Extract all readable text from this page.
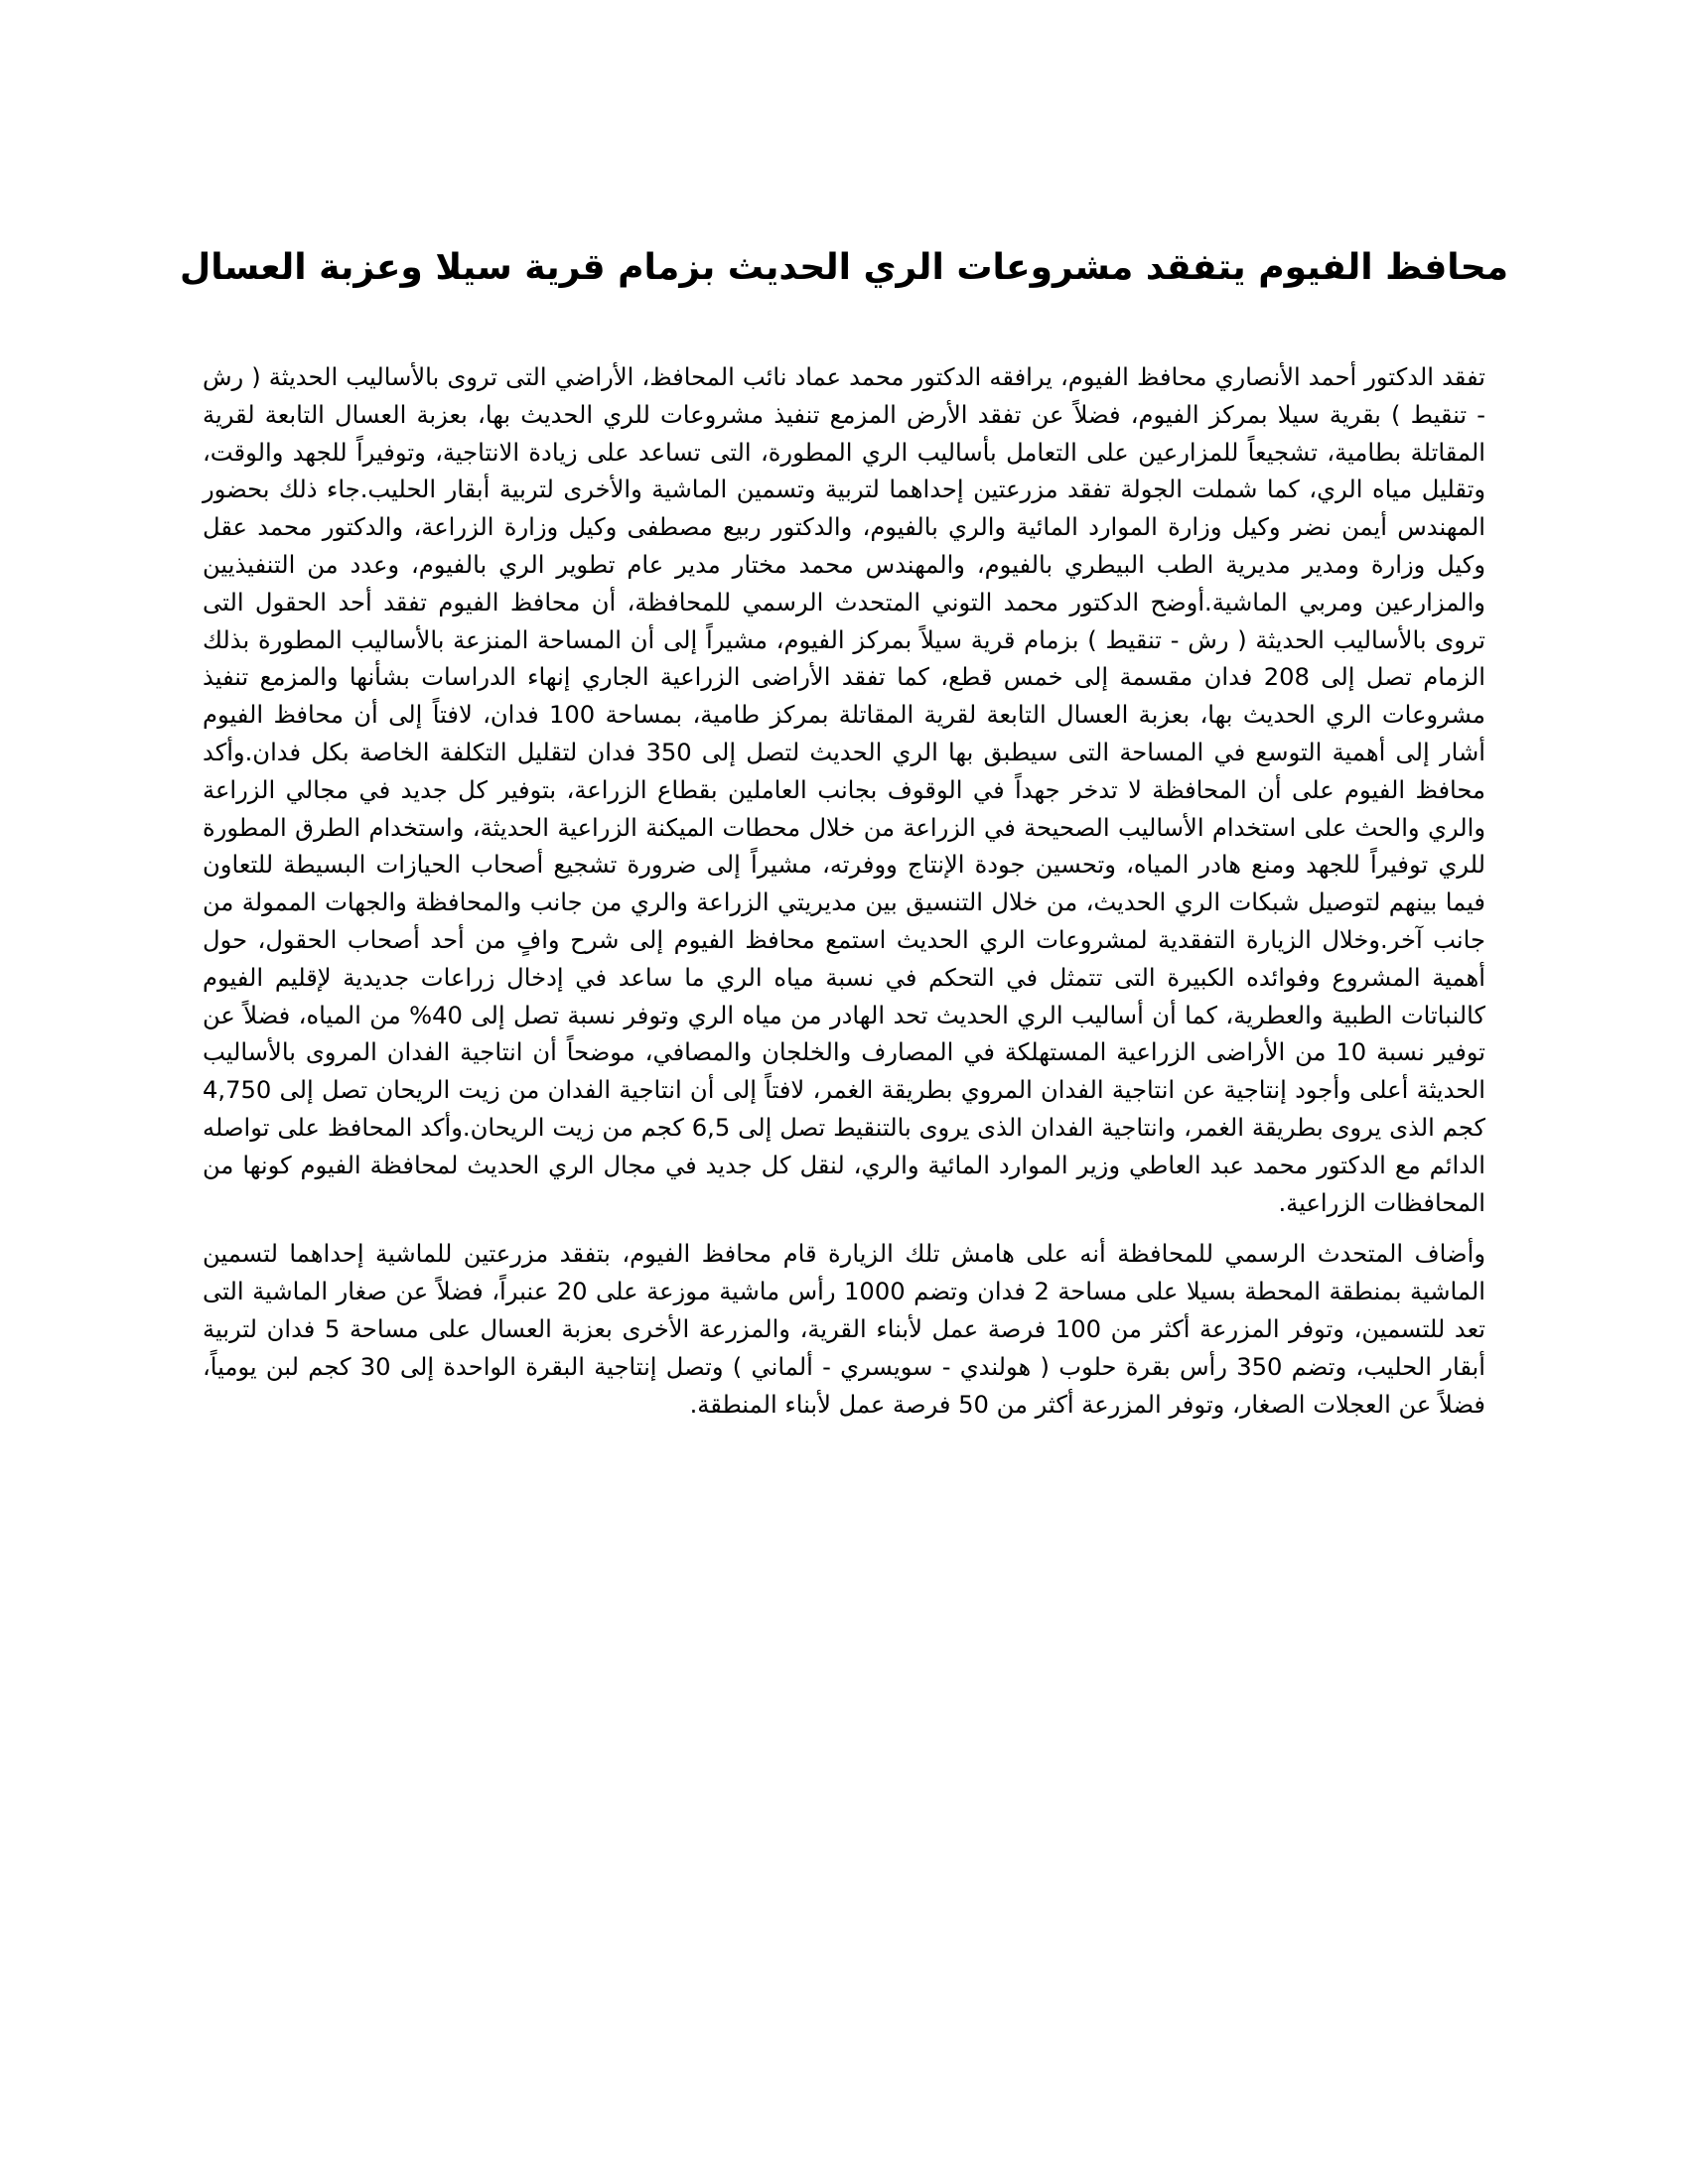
محافظ الفيوم يتفقد مشروعات الري الحديث بزمام قرية سيلا وعزبة العسال

تفقد الدكتور أحمد الأنصاري محافظ الفيوم، يرافقه الدكتور محمد عماد نائب المحافظ، الأراضي التى تروى بالأساليب الحديثة ( رش - تنقيط ) بقرية سيلا بمركز الفيوم، فضلاً عن تفقد الأرض المزمع تنفيذ مشروعات للري الحديث بها، بعزبة العسال التابعة لقرية المقاتلة بطامية، تشجيعاً للمزارعين على التعامل بأساليب الري المطورة، التى تساعد على زيادة الانتاجية، وتوفيراً للجهد والوقت، وتقليل مياه الري، كما شملت الجولة تفقد مزرعتين إحداهما لتربية وتسمين الماشية والأخرى لتربية أبقار الحليب.جاء ذلك بحضور المهندس أيمن نضر وكيل وزارة الموارد المائية والري بالفيوم، والدكتور ربيع مصطفى وكيل وزارة الزراعة، والدكتور محمد عقل وكيل وزارة ومدير مديرية الطب البيطري بالفيوم، والمهندس محمد مختار مدير عام تطوير الري بالفيوم، وعدد من التنفيذيين والمزارعين ومربي الماشية.أوضح الدكتور محمد التوني المتحدث الرسمي للمحافظة، أن محافظ الفيوم تفقد أحد الحقول التى تروى بالأساليب الحديثة ( رش - تنقيط ) بزمام قرية سيلاً بمركز الفيوم، مشيراً إلى أن المساحة المنزعة بالأساليب المطورة بذلك الزمام تصل إلى 208 فدان مقسمة إلى خمس قطع، كما تفقد الأراضى الزراعية الجاري إنهاء الدراسات بشأنها والمزمع تنفيذ مشروعات الري الحديث بها، بعزبة العسال التابعة لقرية المقاتلة بمركز طامية، بمساحة 100 فدان، لافتاً إلى أن محافظ الفيوم أشار إلى أهمية التوسع في المساحة التى سيطبق بها الري الحديث لتصل إلى 350 فدان لتقليل التكلفة الخاصة بكل فدان.وأكد محافظ الفيوم على أن المحافظة لا تدخر جهداً في الوقوف بجانب العاملين بقطاع الزراعة، بتوفير كل جديد في مجالي الزراعة والري والحث على استخدام الأساليب الصحيحة في الزراعة من خلال محطات الميكنة الزراعية الحديثة، واستخدام الطرق المطورة للري توفيراً للجهد ومنع هادر المياه، وتحسين جودة الإنتاج ووفرته، مشيراً إلى ضرورة تشجيع أصحاب الحيازات البسيطة للتعاون فيما بينهم لتوصيل شبكات الري الحديث، من خلال التنسيق بين مديريتي الزراعة والري من جانب والمحافظة والجهات الممولة من جانب آخر.وخلال الزيارة التفقدية لمشروعات الري الحديث استمع محافظ الفيوم إلى شرح وافٍ من أحد أصحاب الحقول، حول أهمية المشروع وفوائده الكبيرة التى تتمثل في التحكم في نسبة مياه الري ما ساعد في إدخال زراعات جديدية لإقليم الفيوم كالنباتات الطبية والعطرية، كما أن أساليب الري الحديث تحد الهادر من مياه الري وتوفر نسبة تصل إلى 40% من المياه، فضلاً عن توفير نسبة 10 من الأراضى الزراعية المستهلكة في المصارف والخلجان والمصافي، موضحاً أن انتاجية الفدان المروى بالأساليب الحديثة أعلى وأجود إنتاجية عن انتاجية الفدان المروي بطريقة الغمر، لافتاً إلى أن انتاجية الفدان من زيت الريحان تصل إلى 4,750 كجم الذى يروى بطريقة الغمر، وانتاجية الفدان الذى يروى بالتنقيط تصل إلى 6,5 كجم من زيت الريحان.وأكد المحافظ على تواصله الدائم مع الدكتور محمد عبد العاطي وزير الموارد المائية والري، لنقل كل جديد في مجال الري الحديث لمحافظة الفيوم كونها من المحافظات الزراعية.

وأضاف المتحدث الرسمي للمحافظة أنه على هامش تلك الزيارة قام محافظ الفيوم، بتفقد مزرعتين للماشية إحداهما لتسمين الماشية بمنطقة المحطة بسيلا على مساحة 2 فدان وتضم 1000 رأس ماشية موزعة على 20 عنبراً، فضلاً عن صغار الماشية التى تعد للتسمين، وتوفر المزرعة أكثر من 100 فرصة عمل لأبناء القرية، والمزرعة الأخرى بعزبة العسال على مساحة 5 فدان لتربية أبقار الحليب، وتضم 350 رأس بقرة حلوب ( هولندي - سويسري - ألماني ) وتصل إنتاجية البقرة الواحدة إلى 30 كجم لبن يومياً، فضلاً عن العجلات الصغار، وتوفر المزرعة أكثر من 50 فرصة عمل لأبناء المنطقة.
